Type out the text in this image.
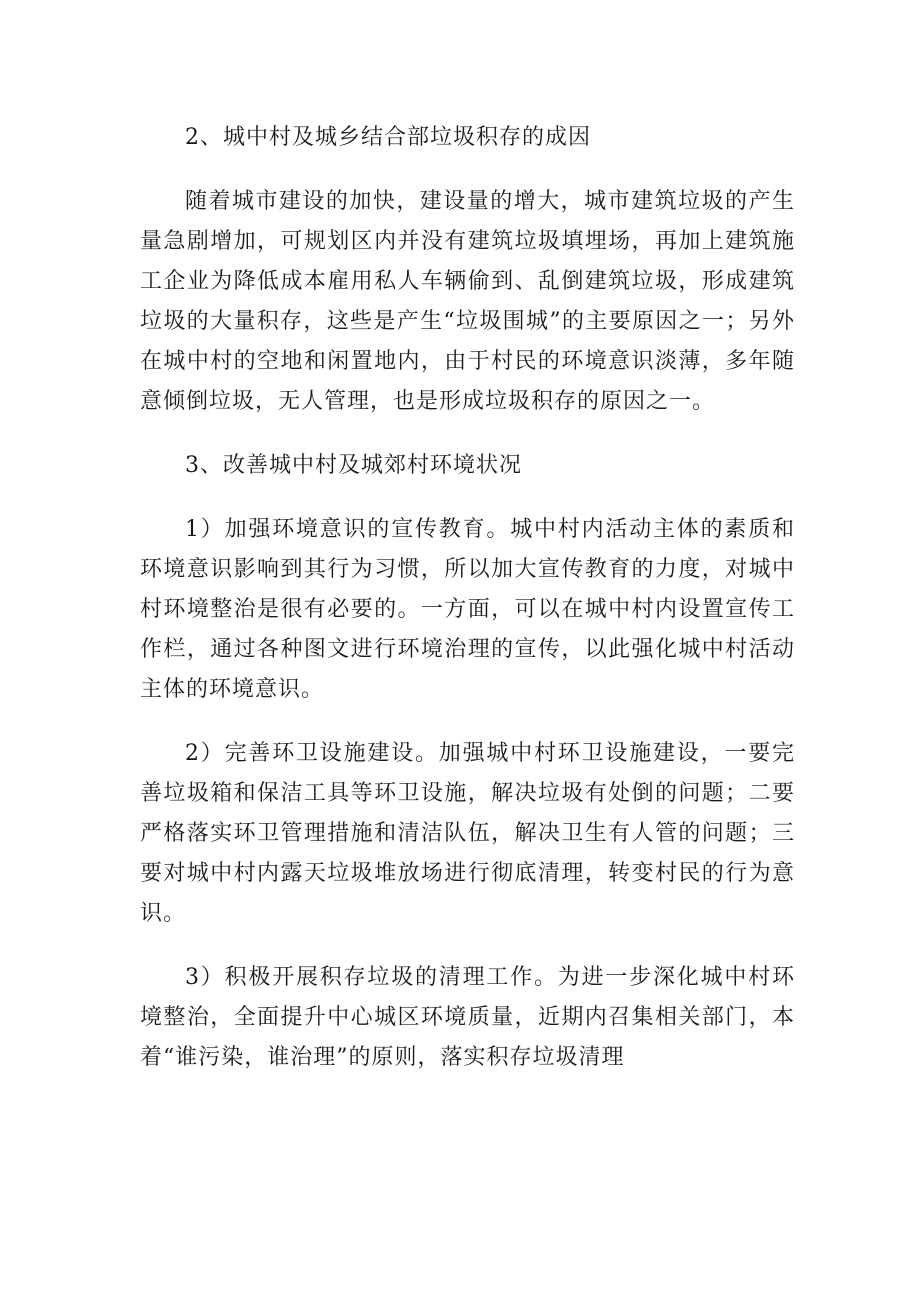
2、城中村及城乡结合部垃圾积存的成因

随着城市建设的加快，建设量的增大，城市建筑垃圾的产生量急剧增加，可规划区内并没有建筑垃圾填埋场，再加上建筑施工企业为降低成本雇用私人车辆偷到、乱倒建筑垃圾，形成建筑垃圾的大量积存，这些是产生“垃圾围城”的主要原因之一；另外在城中村的空地和闲置地内，由于村民的环境意识淡薄，多年随意倾倒垃圾，无人管理，也是形成垃圾积存的原因之一。

3、改善城中村及城郊村环境状况

1）加强环境意识的宣传教育。城中村内活动主体的素质和环境意识影响到其行为习惯，所以加大宣传教育的力度，对城中村环境整治是很有必要的。一方面，可以在城中村内设置宣传工作栏，通过各种图文进行环境治理的宣传，以此强化城中村活动主体的环境意识。

2）完善环卫设施建设。加强城中村环卫设施建设，一要完善垃圾箱和保洁工具等环卫设施，解决垃圾有处倒的问题；二要严格落实环卫管理措施和清洁队伍，解决卫生有人管的问题；三要对城中村内露天垃圾堆放场进行彻底清理，转变村民的行为意识。

3）积极开展积存垃圾的清理工作。为进一步深化城中村环境整治，全面提升中心城区环境质量，近期内召集相关部门，本着“谁污染，谁治理”的原则，落实积存垃圾清理
